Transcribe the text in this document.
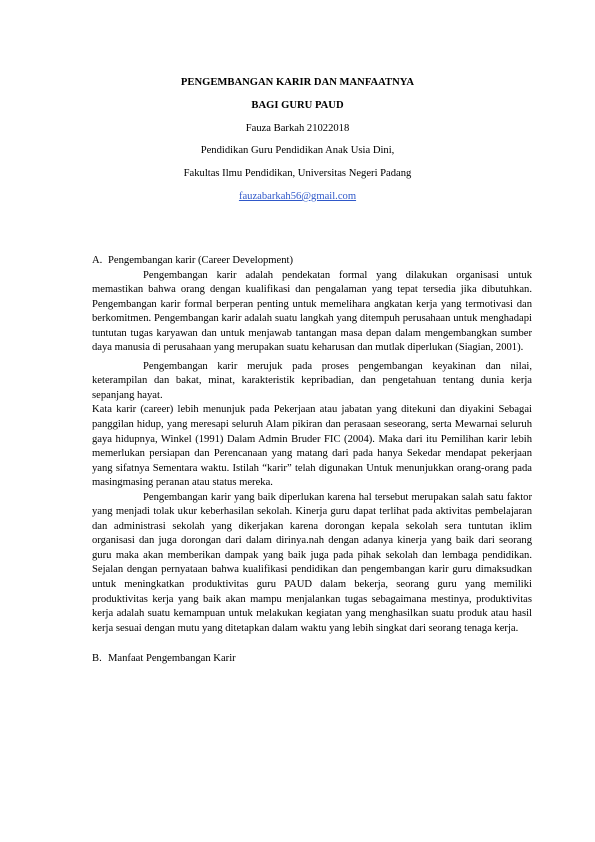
PENGEMBANGAN KARIR DAN MANFAATNYA
BAGI GURU PAUD
Fauza Barkah 21022018
Pendidikan Guru Pendidikan Anak Usia Dini,
Fakultas Ilmu Pendidikan, Universitas Negeri Padang
fauzabarkah56@gmail.com
A. Pengembangan karir (Career Development)

Pengembangan karir adalah pendekatan formal yang dilakukan organisasi untuk memastikan bahwa orang dengan kualifikasi dan pengalaman yang tepat tersedia jika dibutuhkan. Pengembangan karir formal berperan penting untuk memelihara angkatan kerja yang termotivasi dan berkomitmen. Pengembangan karir adalah suatu langkah yang ditempuh perusahaan untuk menghadapi tuntutan tugas karyawan dan untuk menjawab tantangan masa depan dalam mengembangkan sumber daya manusia di perusahaan yang merupakan suatu keharusan dan mutlak diperlukan (Siagian, 2001).

Pengembangan karir merujuk pada proses pengembangan keyakinan dan nilai, keterampilan dan bakat, minat, karakteristik kepribadian, dan pengetahuan tentang dunia kerja sepanjang hayat.

Kata karir (career) lebih menunjuk pada Pekerjaan atau jabatan yang ditekuni dan diyakini Sebagai panggilan hidup, yang meresapi seluruh Alam pikiran dan perasaan seseorang, serta Mewarnai seluruh gaya hidupnya, Winkel (1991) Dalam Admin Bruder FIC (2004). Maka dari itu Pemilihan karir lebih memerlukan persiapan dan Perencanaan yang matang dari pada hanya Sekedar mendapat pekerjaan yang sifatnya Sementara waktu. Istilah “karir” telah digunakan Untuk menunjukkan orang-orang pada masingmasing peranan atau status mereka.

Pengembangan karir yang baik diperlukan karena hal tersebut merupakan salah satu faktor yang menjadi tolak ukur keberhasilan sekolah. Kinerja guru dapat terlihat pada aktivitas pembelajaran dan administrasi sekolah yang dikerjakan karena dorongan kepala sekolah sera tuntutan iklim organisasi dan juga dorongan dari dalam dirinya.nah dengan adanya kinerja yang baik dari seorang guru maka akan memberikan dampak yang baik juga pada pihak sekolah dan lembaga pendidikan. Sejalan dengan pernyataan bahwa kualifikasi pendidikan dan pengembangan karir guru dimaksudkan untuk meningkatkan produktivitas guru PAUD dalam bekerja, seorang guru yang memiliki produktivitas kerja yang baik akan mampu menjalankan tugas sebagaimana mestinya, produktivitas kerja adalah suatu kemampuan untuk melakukan kegiatan yang menghasilkan suatu produk atau hasil kerja sesuai dengan mutu yang ditetapkan dalam waktu yang lebih singkat dari seorang tenaga kerja.

B. Manfaat Pengembangan Karir
